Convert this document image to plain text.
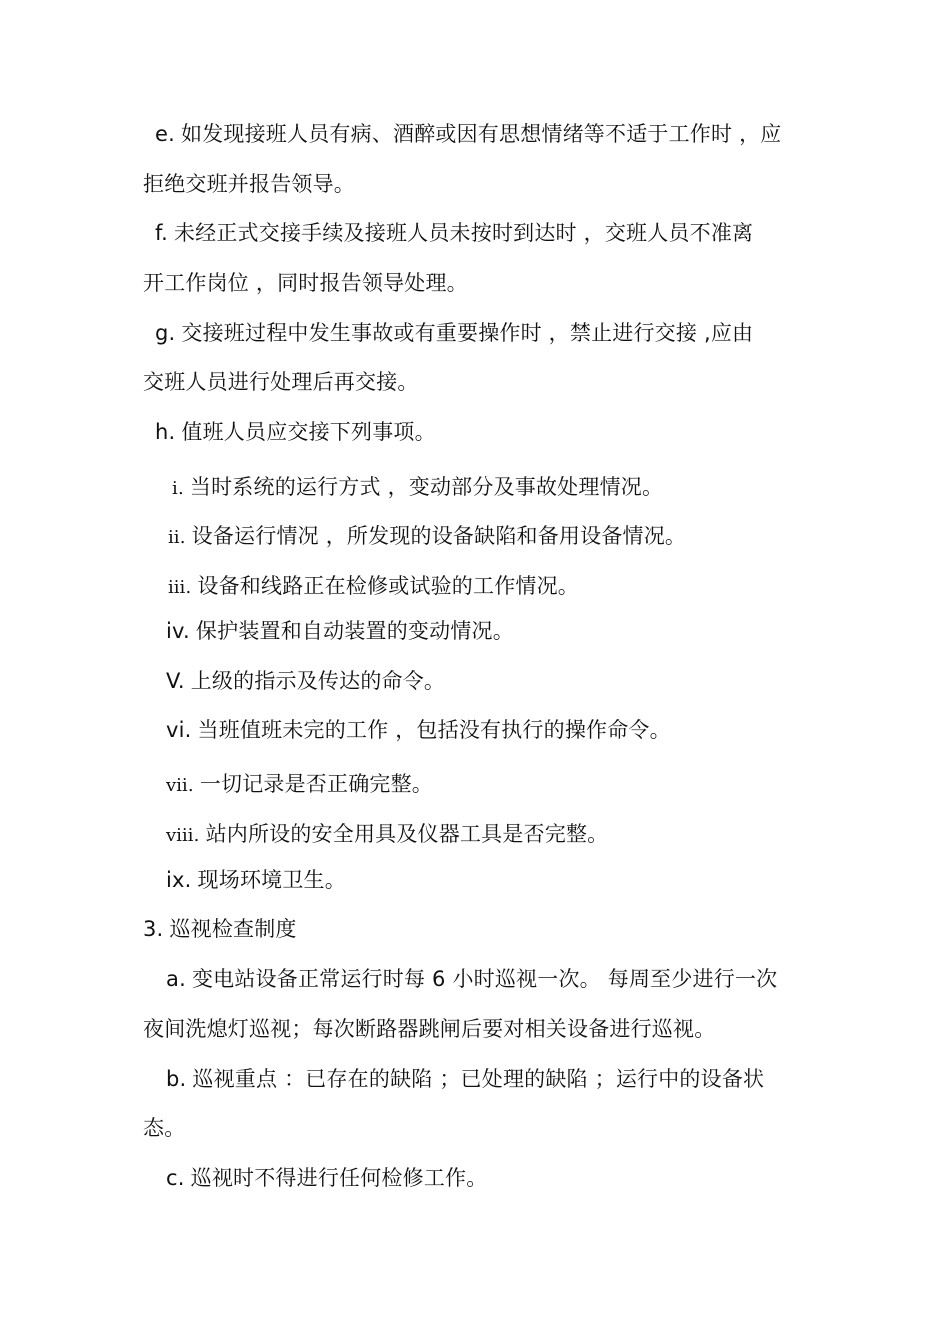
e. 如发现接班人员有病、酒醉或因有思想情绪等不适于工作时 ，应
拒绝交班并报告领导。
f. 未经正式交接手续及接班人员未按时到达时 ，交班人员不准离
开工作岗位 ，同时报告领导处理。
g. 交接班过程中发生事故或有重要操作时 ，禁止进行交接 ,应由
交班人员进行处理后再交接。
h. 值班人员应交接下列事项。
ⅰ. 当时系统的运行方式 ，变动部分及事故处理情况。
ⅱ. 设备运行情况 ，所发现的设备缺陷和备用设备情况。
ⅲ. 设备和线路正在检修或试验的工作情况。
iv. 保护装置和自动装置的变动情况。
V. 上级的指示及传达的命令。
vi. 当班值班未完的工作 ，包括没有执行的操作命令。
ⅶ. 一切记录是否正确完整。
ⅷ. 站内所设的安全用具及仪器工具是否完整。
ix. 现场环境卫生。
3. 巡视检查制度
a. 变电站设备正常运行时每 6 小时巡视一次。 每周至少进行一次
夜间洗熄灯巡视；每次断路器跳闸后要对相关设备进行巡视。
b. 巡视重点 ：已存在的缺陷 ；已处理的缺陷 ；运行中的设备状
态。
c. 巡视时不得进行任何检修工作。
